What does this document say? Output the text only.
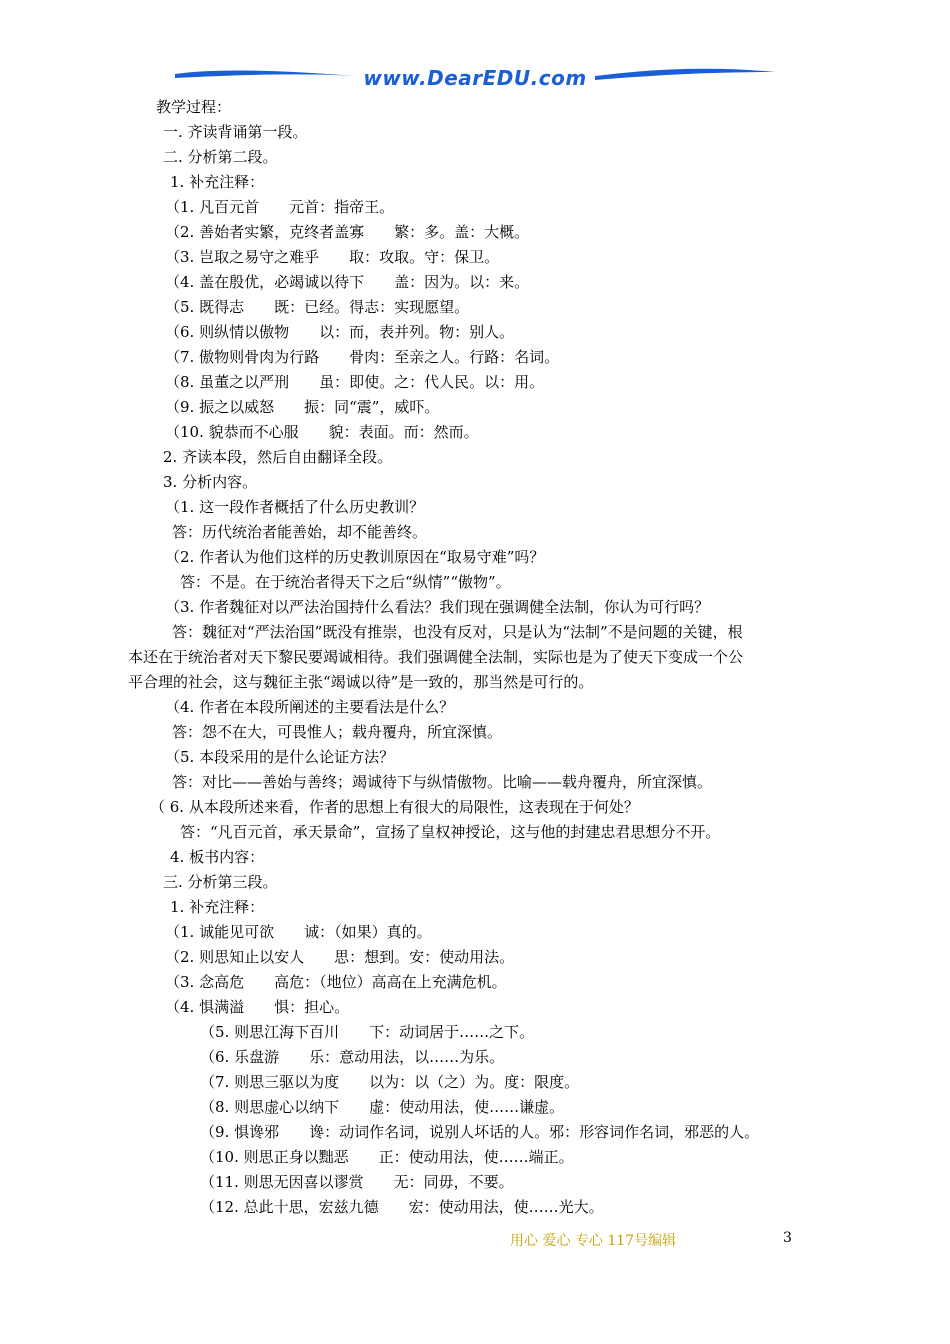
www.DearEDU.com
教学过程：
一. 齐读背诵第一段。
二. 分析第二段。
1. 补充注释：
（1. 凡百元首　　元首：指帝王。
（2. 善始者实繁，克终者盖寡　　繁：多。盖：大概。
（3. 岂取之易守之难乎　　取：攻取。守：保卫。
（4. 盖在殷优，必竭诚以待下　　盖：因为。以：来。
（5. 既得志　　既：已经。得志：实现愿望。
（6. 则纵情以傲物　　以：而，表并列。物：别人。
（7. 傲物则骨肉为行路　　骨肉：至亲之人。行路：名词。
（8. 虽董之以严刑　　虽：即使。之：代人民。以：用。
（9. 振之以威怒　　振：同“震”，威吓。
（10. 貌恭而不心服　　貌：表面。而：然而。
2. 齐读本段，然后自由翻译全段。
3. 分析内容。
（1. 这一段作者概括了什么历史教训？
答：历代统治者能善始，却不能善终。
（2. 作者认为他们这样的历史教训原因在“取易守难”吗？
答：不是。在于统治者得天下之后“纵情”“傲物”。
（3. 作者魏征对以严法治国持什么看法？我们现在强调健全法制，你认为可行吗？
答：魏征对“严法治国”既没有推崇，也没有反对，只是认为“法制”不是问题的关键，根
本还在于统治者对天下黎民要竭诚相待。我们强调健全法制，实际也是为了使天下变成一个公
平合理的社会，这与魏征主张“竭诚以待”是一致的，那当然是可行的。
（4. 作者在本段所阐述的主要看法是什么？
答：怨不在大，可畏惟人；载舟覆舟，所宜深慎。
（5. 本段采用的是什么论证方法？
答：对比——善始与善终；竭诚待下与纵情傲物。比喻——载舟覆舟，所宜深慎。
（ 6. 从本段所述来看，作者的思想上有很大的局限性，这表现在于何处？
答：“凡百元首，承天景命”，宣扬了皇权神授论，这与他的封建忠君思想分不开。
4. 板书内容：
三. 分析第三段。
1. 补充注释：
（1. 诚能见可欲　　诚：（如果）真的。
（2. 则思知止以安人　　思：想到。安：使动用法。
（3. 念高危　　高危：（地位）高高在上充满危机。
（4. 惧满溢　　惧：担心。
（5. 则思江海下百川　　下：动词居于……之下。
（6. 乐盘游　　乐：意动用法，以……为乐。
（7. 则思三驱以为度　　以为：以（之）为。度：限度。
（8. 则思虚心以纳下　　虚：使动用法，使……谦虚。
（9. 惧谗邪　　谗：动词作名词，说别人坏话的人。邪：形容词作名词，邪恶的人。
（10. 则思正身以黜恶　　正：使动用法，使……端正。
（11. 则思无因喜以谬赏　　无：同毋，不要。
（12. 总此十思，宏兹九德　　宏：使动用法，使……光大。
用心 爱心 专心 117号编辑	3
